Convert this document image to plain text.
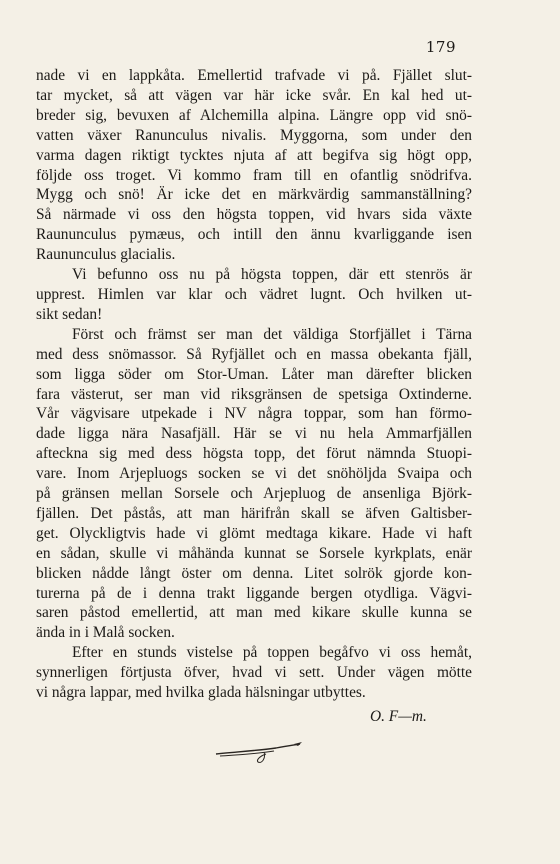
179
nade vi en lappkåta. Emellertid trafvade vi på. Fjället slut-
tar mycket, så att vägen var här icke svår. En kal hed ut-
breder sig, bevuxen af Alchemilla alpina. Längre opp vid snö-
vatten växer Ranunculus nivalis. Myggorna, som under den
varma dagen riktigt tycktes njuta af att begifva sig högt opp,
följde oss troget. Vi kommo fram till en ofantlig snödrifva.
Mygg och snö! Är icke det en märkvärdig sammanställning?
Så närmade vi oss den högsta toppen, vid hvars sida växte
Raununculus pymæus, och intill den ännu kvarliggande isen
Raununculus glacialis.
Vi befunno oss nu på högsta toppen, där ett stenrös är
upprest. Himlen var klar och vädret lugnt. Och hvilken ut-
sikt sedan!
Först och främst ser man det väldiga Storfjället i Tärna
med dess snömassor. Så Ryfjället och en massa obekanta fjäll,
som ligga söder om Stor-Uman. Låter man därefter blicken
fara västerut, ser man vid riksgränsen de spetsiga Oxtinderne.
Vår vägvisare utpekade i NV några toppar, som han förmo-
dade ligga nära Nasafjäll. Här se vi nu hela Ammarfjällen
afteckna sig med dess högsta topp, det förut nämnda Stuopi-
vare. Inom Arjepluogs socken se vi det snöhöljda Svaipa och
på gränsen mellan Sorsele och Arjepluog de ansenliga Björk-
fjällen. Det påstås, att man härifrån skall se äfven Galtisber-
get. Olyckligtvis hade vi glömt medtaga kikare. Hade vi haft
en sådan, skulle vi måhända kunnat se Sorsele kyrkplats, enär
blicken nådde långt öster om denna. Litet solrök gjorde kon-
turerna på de i denna trakt liggande bergen otydliga. Vägvi-
saren påstod emellertid, att man med kikare skulle kunna se
ända in i Malå socken.
Efter en stunds vistelse på toppen begåfvo vi oss hemåt,
synnerligen förtjusta öfver, hvad vi sett. Under vägen mötte
vi några lappar, med hvilka glada hälsningar utbyttes.
O. F—m.
